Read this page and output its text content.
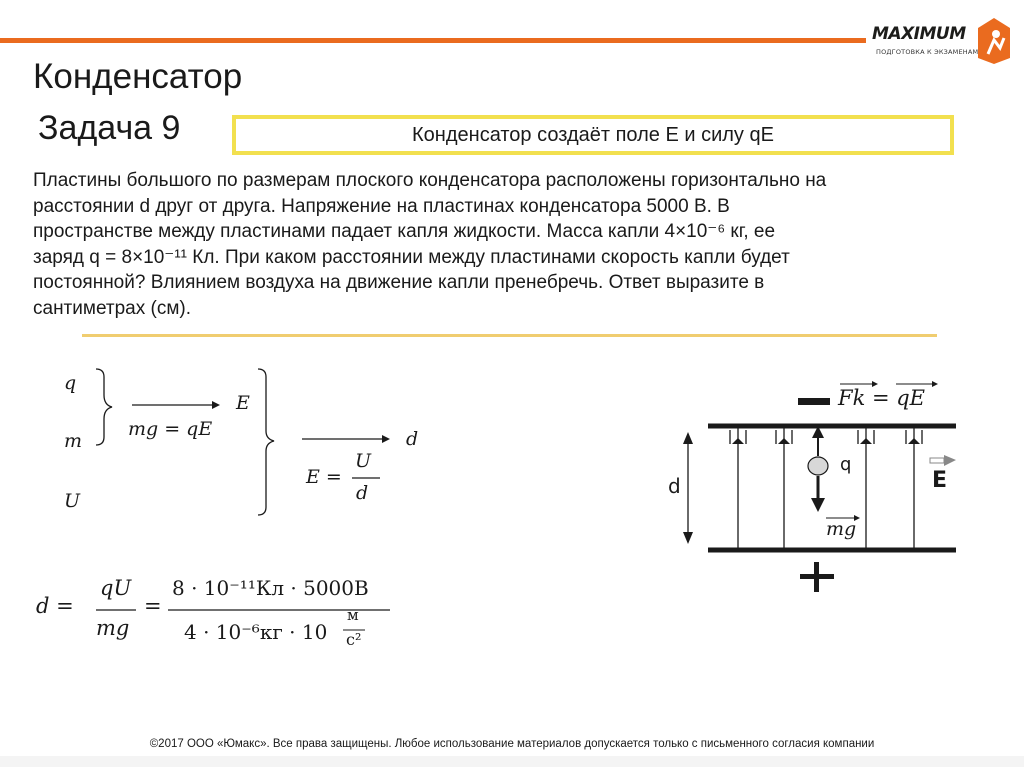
MAXIMUM
ПОДГОТОВКА К ЭКЗАМЕНАМ
Конденсатор
Задача 9	Конденсатор создаёт поле E и силу qE

Пластины большого по размерам плоского конденсатора расположены горизонтально на

расстоянии d друг от друга. Напряжение на пластинах конденсатора 5000 В. В

пространстве между пластинами падает капля жидкости. Масса капли 4×10⁻⁶ кг, ее

заряд q = 8×10⁻¹¹ Кл. При каком расстоянии между пластинами скорость капли будет

постоянной? Влиянием воздуха на движение капли пренебречь. Ответ выразите в

сантиметрах (см).

q
m
U
E
mg = qE	d
E =
U
d
d =
qU
mg
=
8 · 10⁻¹¹Кл · 5000В
4 · 10⁻⁶кг · 10
м
с²
Fk = qE
q
mg
d	E
©2017 ООО «Юмакс». Все права защищены. Любое использование материалов допускается только с письменного согласия компании
